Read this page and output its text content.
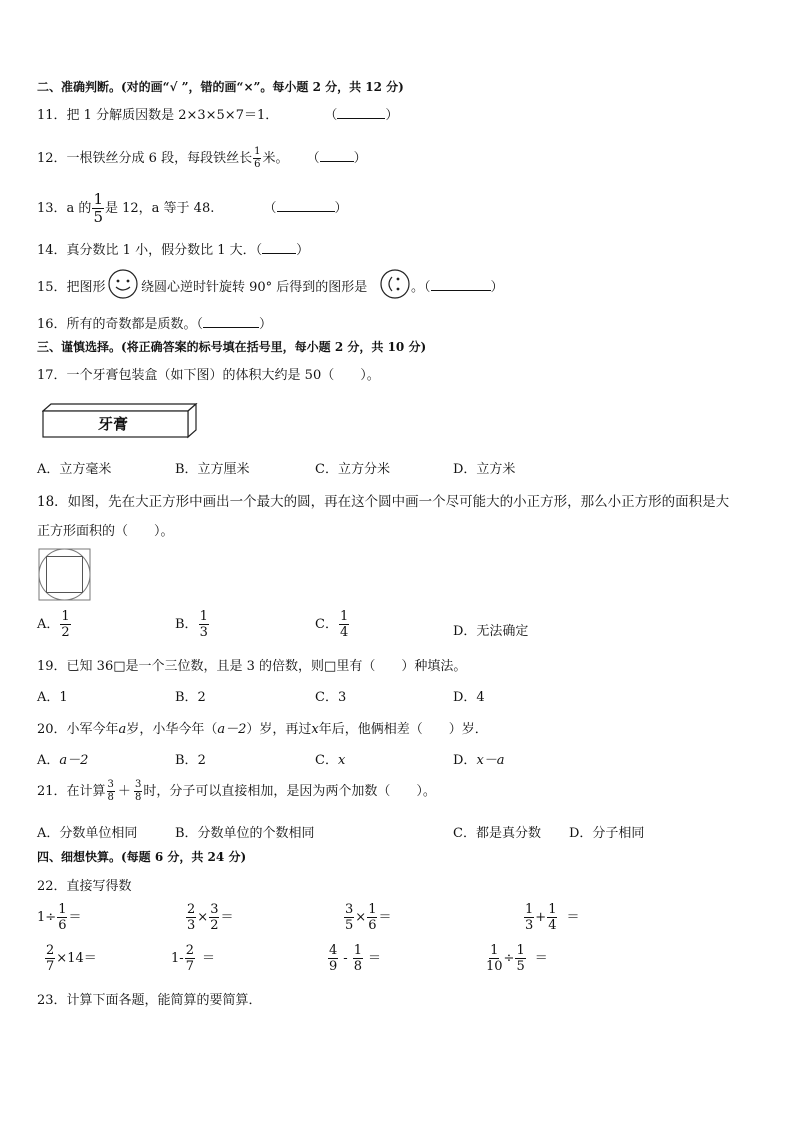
二、准确判断。(对的画“√ ”，错的画“×”。每小题 2 分，共 12 分)
11．把 1 分解质因数是 2×3×5×7＝1．	（	）
12．一根铁丝分成 6 段，每段铁丝长 $\frac{1}{6}$ 米。 （	）
13．a 的 $\frac{1}{5}$ 是 12，a 等于 48.	（	）
14．真分数比 1 小，假分数比 1 大．（	）
15．把图形	绕圆心逆时针旋转 90° 后得到的图形是	。（	）
16．所有的奇数都是质数。（	）
三、谨慎选择。(将正确答案的标号填在括号里，每小题 2 分，共 10 分)
17．一个牙膏包装盒（如下图）的体积大约是 50（　　）。
牙膏
A．立方毫米	B．立方厘米	C．立方分米	D．立方米
18．如图，先在大正方形中画出一个最大的圆，再在这个圆中画一个尽可能大的小正方形，那么小正方形的面积是大
正方形面积的（　　）。
A． $\frac{1}{2}$	B． $\frac{1}{3}$	C． $\frac{1}{4}$	D．无法确定
19．已知 36□是一个三位数，且是 3 的倍数，则□里有（　　）种填法。
A．1	B．2	C．3	D．4
20．小军今年a岁，小华今年（a－2）岁，再过x年后，他俩相差（　　）岁．
A．a－2	B．2	C．x	D．x－a
21．在计算 $\frac{3}{8} + \frac{3}{8}$ 时，分子可以直接相加，是因为两个加数（　　）。
A．分数单位相同	B．分数单位的个数相同	C．都是真分数 D．分子相同
四、细想快算。(每题 6 分，共 24 分)
22．直接写得数
$1\div \frac{1}{6}$ ＝	$\frac{2}{3} \times \frac{3}{2}$ ＝	$\frac{3}{5} \times \frac{1}{6}$ ＝	$\frac{1}{3} + \frac{1}{4}$ ＝
$\frac{2}{7} \times 14=$	$1- \frac{2}{7}$ ＝	$\frac{4}{9} - \frac{1}{8}$ ＝	$\frac{1}{10} \div \frac{1}{5}$ ＝
23．计算下面各题，能简算的要简算．
